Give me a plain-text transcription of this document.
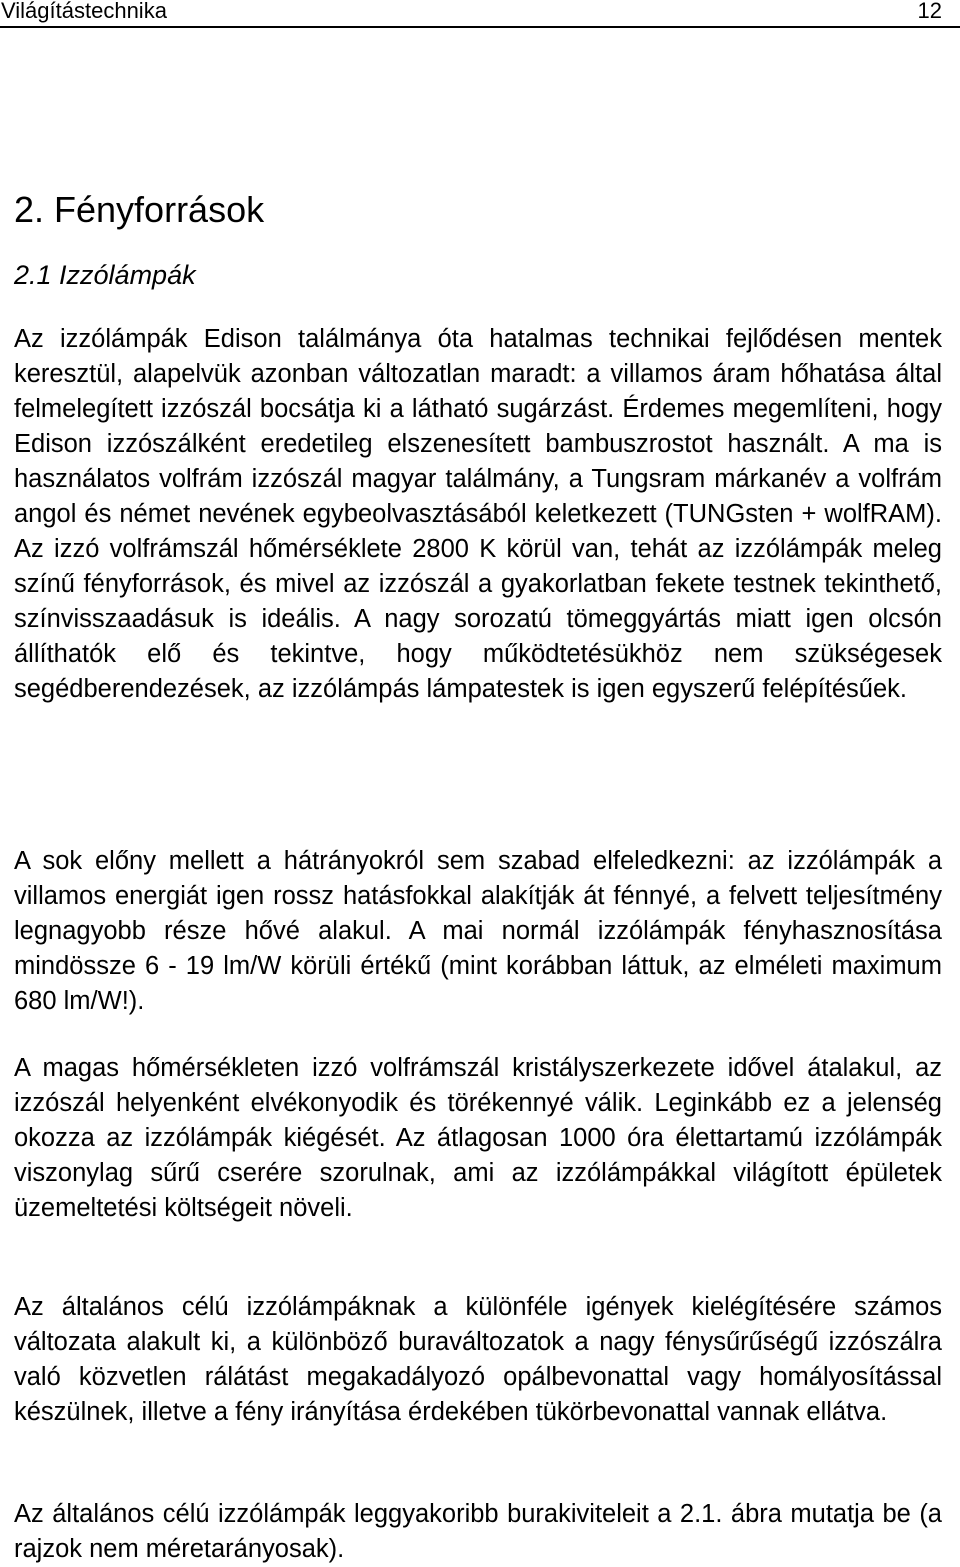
Világítástechnika	12
2. Fényforrások
2.1 Izzólámpák

Az izzólámpák Edison találmánya óta hatalmas technikai fejlődésen mentek keresztül, alapelvük azonban változatlan maradt: a villamos áram hőhatása által felmelegített izzószál bocsátja ki a látható sugárzást. Érdemes megemlíteni, hogy Edison izzószálként eredetileg elszenesített bambuszrostot használt. A ma is használatos volfrám izzószál magyar találmány, a Tungsram márkanév a volfrám angol és német nevének egybeolvasztásából keletkezett (TUNGsten + wolfRAM). Az izzó volfrámszál hőmérséklete 2800 K körül van, tehát az izzólámpák meleg színű fényforrások, és mivel az izzószál a gyakorlatban fekete testnek tekinthető, színvisszaadásuk is ideális. A nagy sorozatú tömeggyártás miatt igen olcsón állíthatók elő és tekintve, hogy működtetésükhöz nem szükségesek segédberendezések, az izzólámpás lámpatestek is igen egyszerű felépítésűek.

A sok előny mellett a hátrányokról sem szabad elfeledkezni: az izzólámpák a villamos energiát igen rossz hatásfokkal alakítják át fénnyé, a felvett teljesítmény legnagyobb része hővé alakul. A mai normál izzólámpák fényhasznosítása mindössze 6 - 19 lm/W körüli értékű (mint korábban láttuk, az elméleti maximum 680 lm/W!).

A magas hőmérsékleten izzó volfrámszál kristályszerkezete idővel átalakul, az izzószál helyenként elvékonyodik és törékennyé válik. Leginkább ez a jelenség okozza az izzólámpák kiégését. Az átlagosan 1000 óra élettartamú izzólámpák viszonylag sűrű cserére szorulnak, ami az izzólámpákkal világított épületek üzemeltetési költségeit növeli.

Az általános célú izzólámpáknak a különféle igények kielégítésére számos változata alakult ki, a különböző buraváltozatok a nagy fénysűrűségű izzószálra való közvetlen rálátást megakadályozó opálbevonattal vagy homályosítással készülnek, illetve a fény irányítása érdekében tükörbevonattal vannak ellátva.

Az általános célú izzólámpák leggyakoribb burakiviteleit a 2.1. ábra mutatja be (a rajzok nem méretarányosak).
